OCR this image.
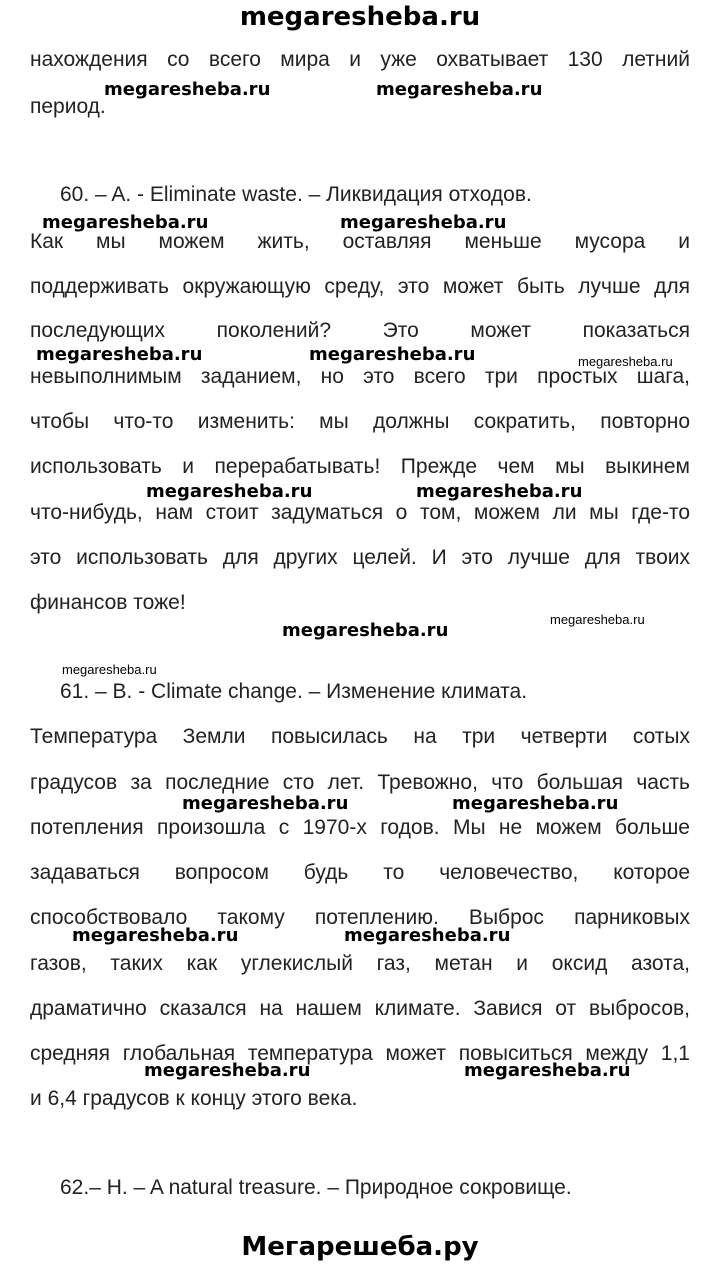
megaresheba.ru
Мегарешеба.ру
нахождения со всего мира и уже охватывает 130 летний
период.
60. – A. - Eliminate waste. – Ликвидация отходов.
Как мы можем жить, оставляя меньше мусора и
поддерживать окружающую среду, это может быть лучше для
последующих поколений? Это может показаться
невыполнимым заданием, но это всего три простых шага,
чтобы что-то изменить: мы должны сократить, повторно
использовать и перерабатывать! Прежде чем мы выкинем
что-нибудь, нам стоит задуматься о том, можем ли мы где-то
это использовать для других целей. И это лучше для твоих
финансов тоже!
61. – B. - Climate change. – Изменение климата.
Температура Земли повысилась на три четверти сотых
градусов за последние сто лет. Тревожно, что большая часть
потепления произошла с 1970-х годов. Мы не можем больше
задаваться вопросом будь то человечество, которое
способствовало такому потеплению. Выброс парниковых
газов, таких как углекислый газ, метан и оксид азота,
драматично сказался на нашем климате. Завися от выбросов,
средняя глобальная температура может повыситься между 1,1
и 6,4 градусов к концу этого века.
62.– H. – A natural treasure. – Природное сокровище.
megaresheba.ru	megaresheba.ru
megaresheba.ru	megaresheba.ru
megaresheba.ru	megaresheba.ru	megaresheba.ru
megaresheba.ru	megaresheba.ru
megaresheba.ru
megaresheba.ru
megaresheba.ru
megaresheba.ru	megaresheba.ru
megaresheba.ru	megaresheba.ru
megaresheba.ru	megaresheba.ru
